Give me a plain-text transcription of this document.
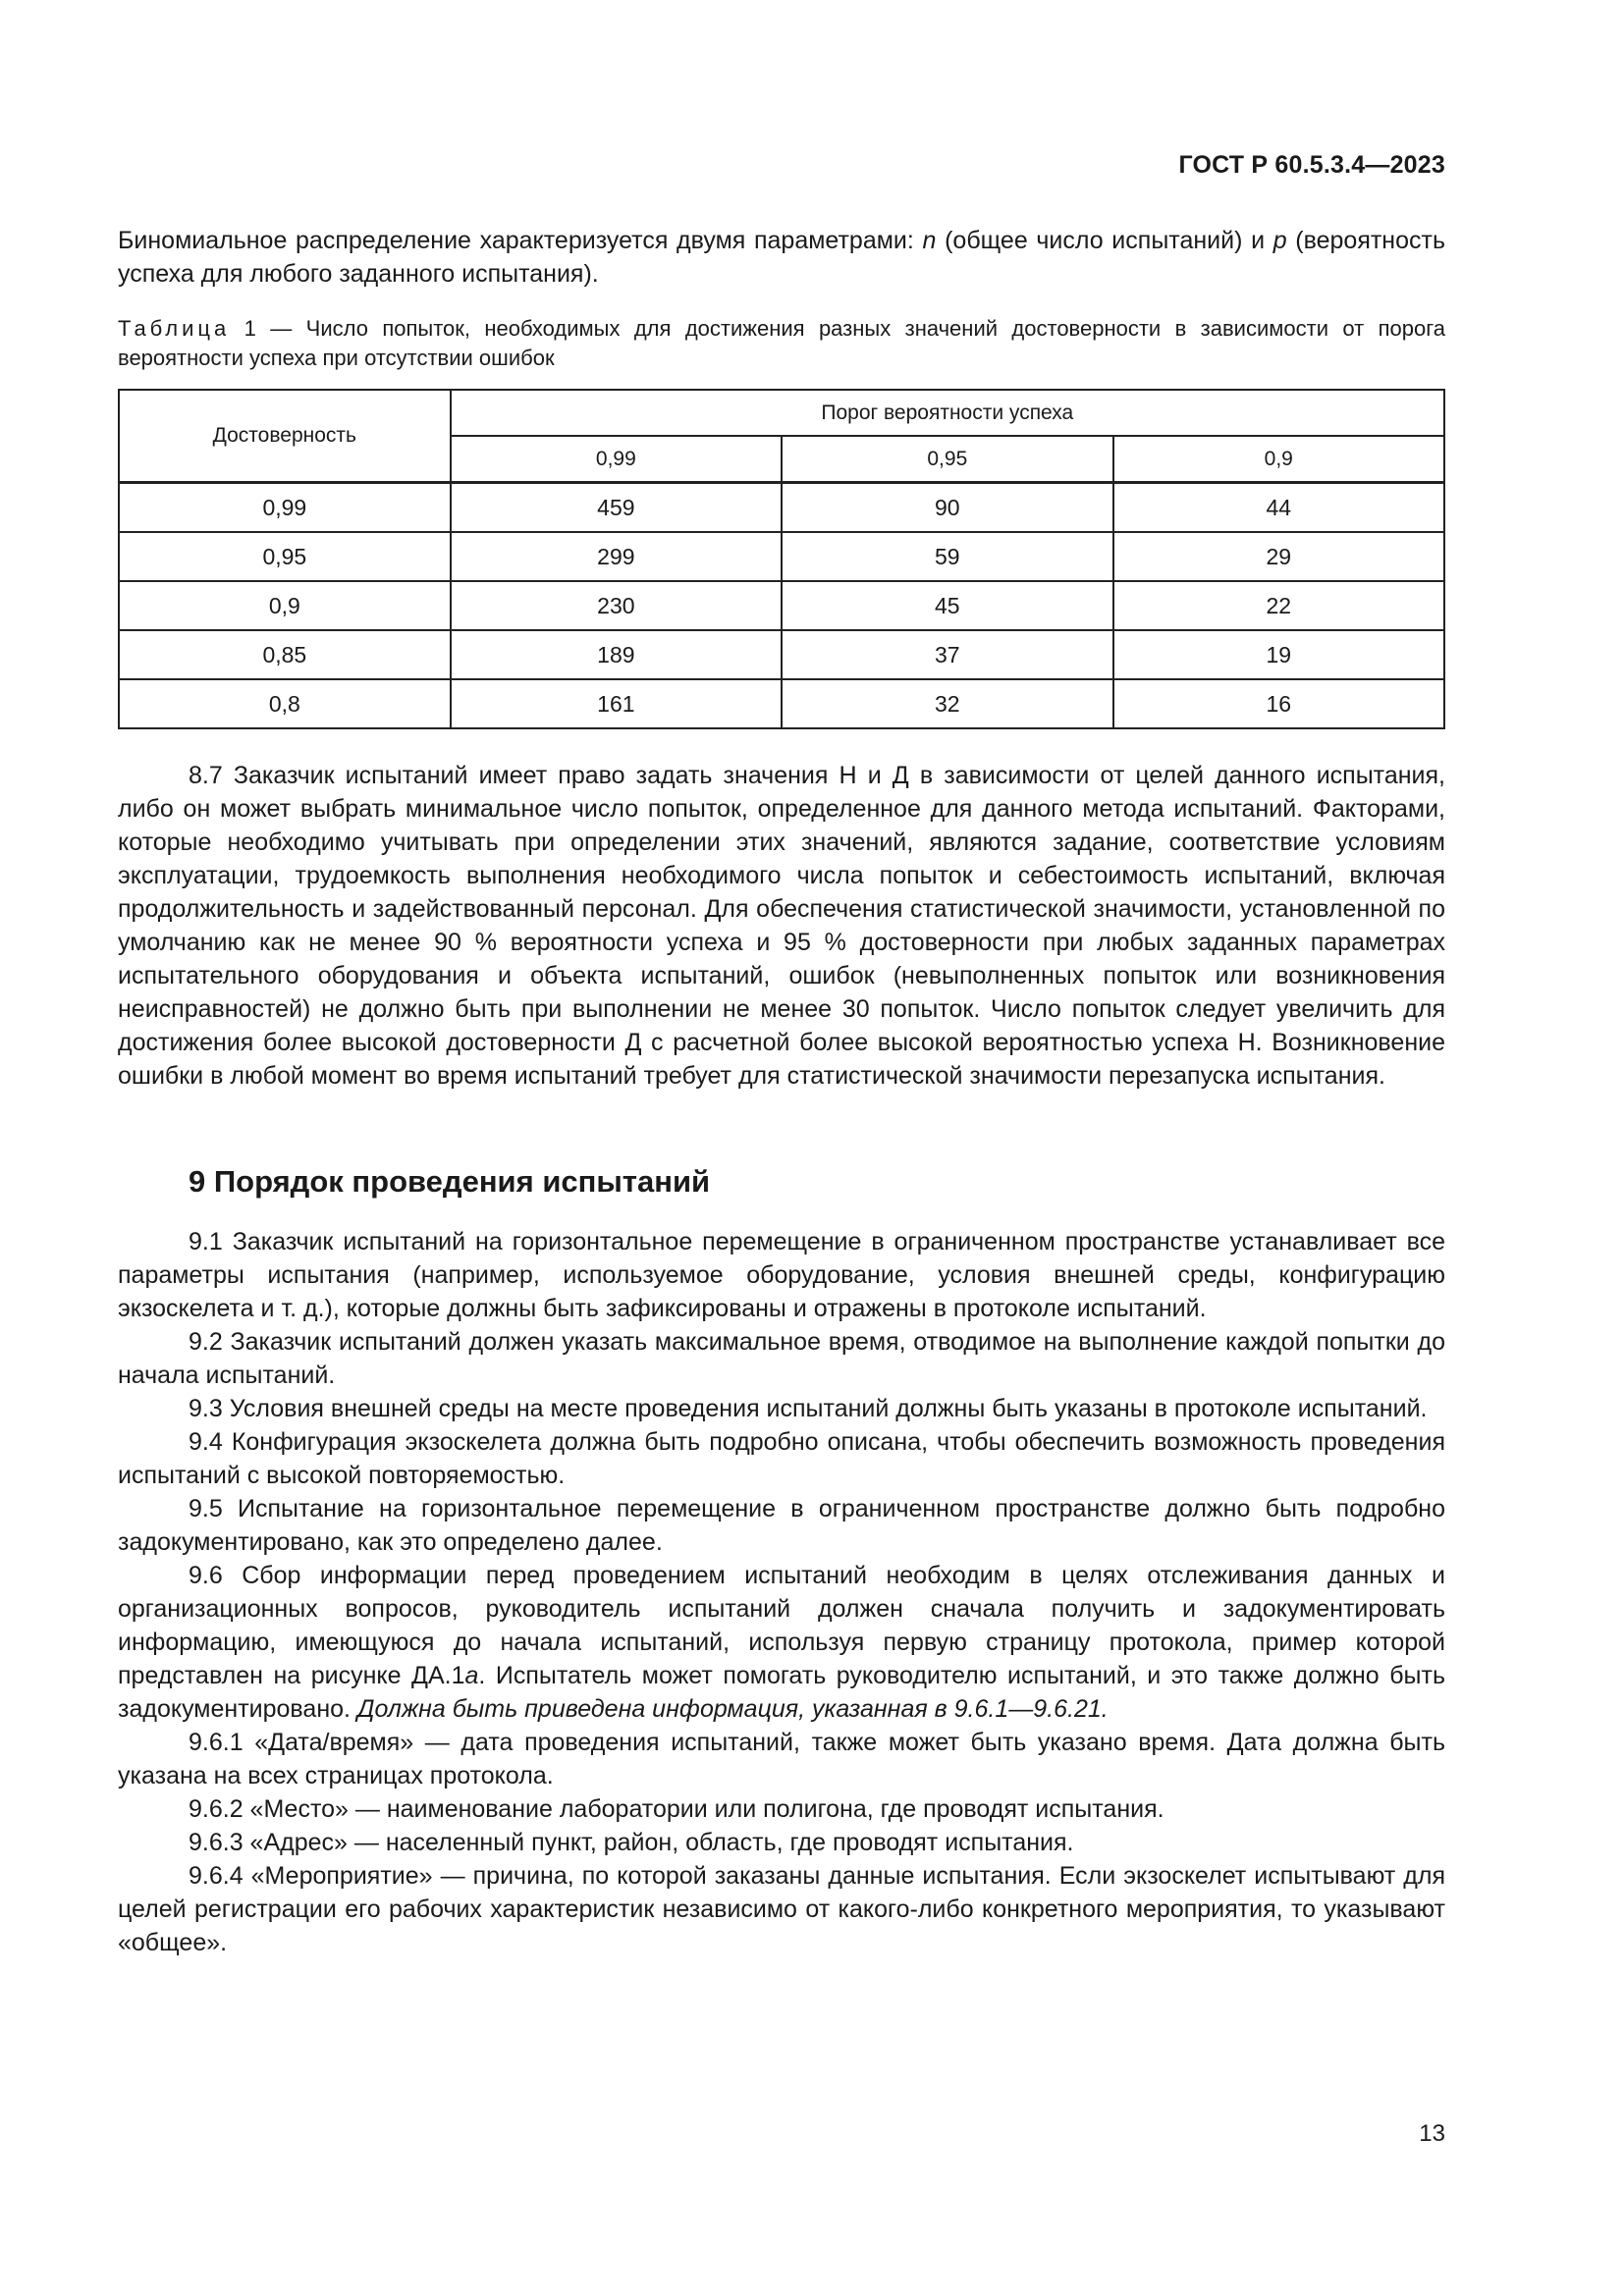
ГОСТ Р 60.5.3.4—2023

Биномиальное распределение характеризуется двумя параметрами: n (общее число испытаний) и p (вероятность успеха для любого заданного испытания).

Таблица 1 — Число попыток, необходимых для достижения разных значений достоверности в зависимости от порога вероятности успеха при отсутствии ошибок
Достоверность	Порог вероятности успеха		
	0,99	0,95	0,9
0,99	459	90	44
0,95	299	59	29
0,9	230	45	22
0,85	189	37	19
0,8	161	32	16

8.7 Заказчик испытаний имеет право задать значения Н и Д в зависимости от целей данного испытания, либо он может выбрать минимальное число попыток, определенное для данного метода испытаний. Факторами, которые необходимо учитывать при определении этих значений, являются задание, соответствие условиям эксплуатации, трудоемкость выполнения необходимого числа попыток и себестоимость испытаний, включая продолжительность и задействованный персонал. Для обеспечения статистической значимости, установленной по умолчанию как не менее 90 % вероятности успеха и 95 % достоверности при любых заданных параметрах испытательного оборудования и объекта испытаний, ошибок (невыполненных попыток или возникновения неисправностей) не должно быть при выполнении не менее 30 попыток. Число попыток следует увеличить для достижения более высокой достоверности Д с расчетной более высокой вероятностью успеха Н. Возникновение ошибки в любой момент во время испытаний требует для статистической значимости перезапуска испытания.

9 Порядок проведения испытаний

9.1 Заказчик испытаний на горизонтальное перемещение в ограниченном пространстве устанавливает все параметры испытания (например, используемое оборудование, условия внешней среды, конфигурацию экзоскелета и т. д.), которые должны быть зафиксированы и отражены в протоколе испытаний.

9.2 Заказчик испытаний должен указать максимальное время, отводимое на выполнение каждой попытки до начала испытаний.

9.3 Условия внешней среды на месте проведения испытаний должны быть указаны в протоколе испытаний.

9.4 Конфигурация экзоскелета должна быть подробно описана, чтобы обеспечить возможность проведения испытаний с высокой повторяемостью.

9.5 Испытание на горизонтальное перемещение в ограниченном пространстве должно быть подробно задокументировано, как это определено далее.

9.6 Сбор информации перед проведением испытаний необходим в целях отслеживания данных и организационных вопросов, руководитель испытаний должен сначала получить и задокументировать информацию, имеющуюся до начала испытаний, используя первую страницу протокола, пример которой представлен на рисунке ДА.1а. Испытатель может помогать руководителю испытаний, и это также должно быть задокументировано. Должна быть приведена информация, указанная в 9.6.1—9.6.21.

9.6.1 «Дата/время» — дата проведения испытаний, также может быть указано время. Дата должна быть указана на всех страницах протокола.

9.6.2 «Место» — наименование лаборатории или полигона, где проводят испытания.

9.6.3 «Адрес» — населенный пункт, район, область, где проводят испытания.

9.6.4 «Мероприятие» — причина, по которой заказаны данные испытания. Если экзоскелет испытывают для целей регистрации его рабочих характеристик независимо от какого-либо конкретного мероприятия, то указывают «общее».

13
